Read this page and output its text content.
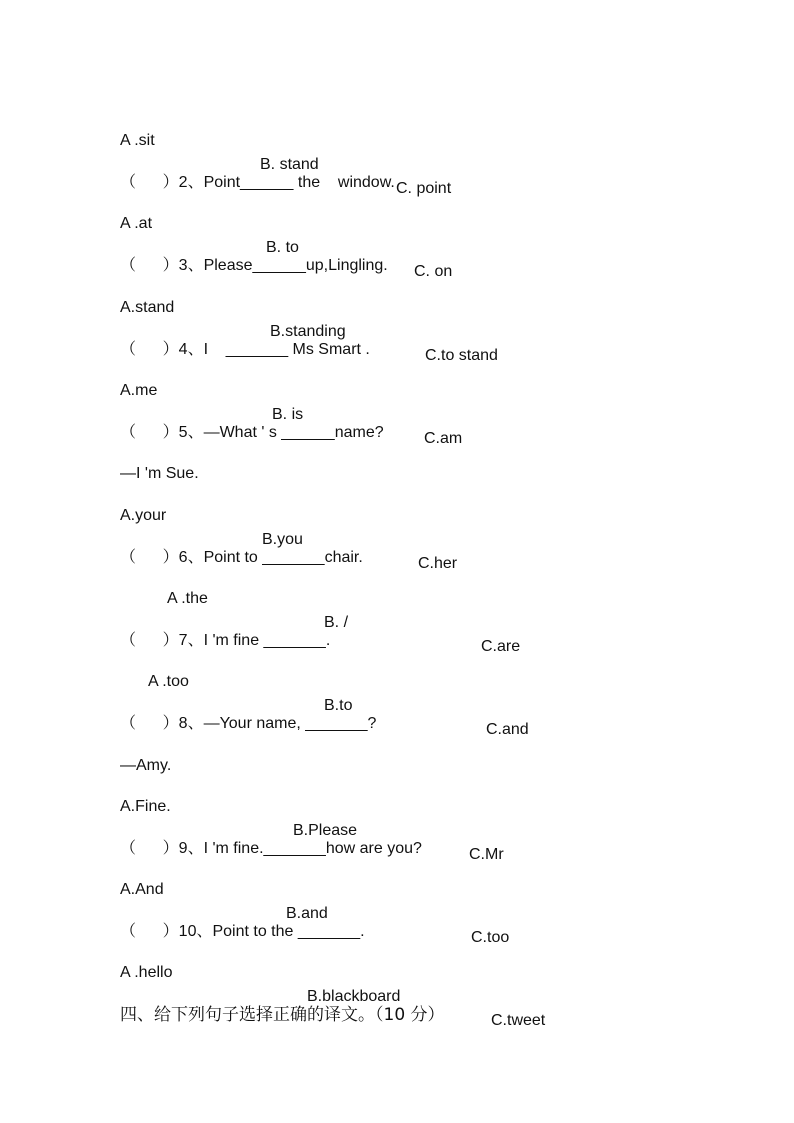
A .sit

B. stand

C. point

（      ）2、Point______ the    window.

A .at

B. to

C. on

（      ）3、Please______up,Lingling.

A.stand

B.standing

C.to stand

（      ）4、I    _______ Ms Smart .

A.me

B. is

C.am

（      ）5、—What ' s ______name?

—I 'm Sue.

A.your

B.you

C.her

（      ）6、Point to _______chair.

A .the

B. /

C.are

（      ）7、I 'm fine _______.

A .too

B.to

C.and

（      ）8、—Your name, _______?

—Amy.

A.Fine.

B.Please

C.Mr

（      ）9、I 'm fine._______how are you?

A.And

B.and

C.too

（      ）10、Point to the _______.

A .hello

B.blackboard

C.tweet

四、给下列句子选择正确的译文。（10 分）
